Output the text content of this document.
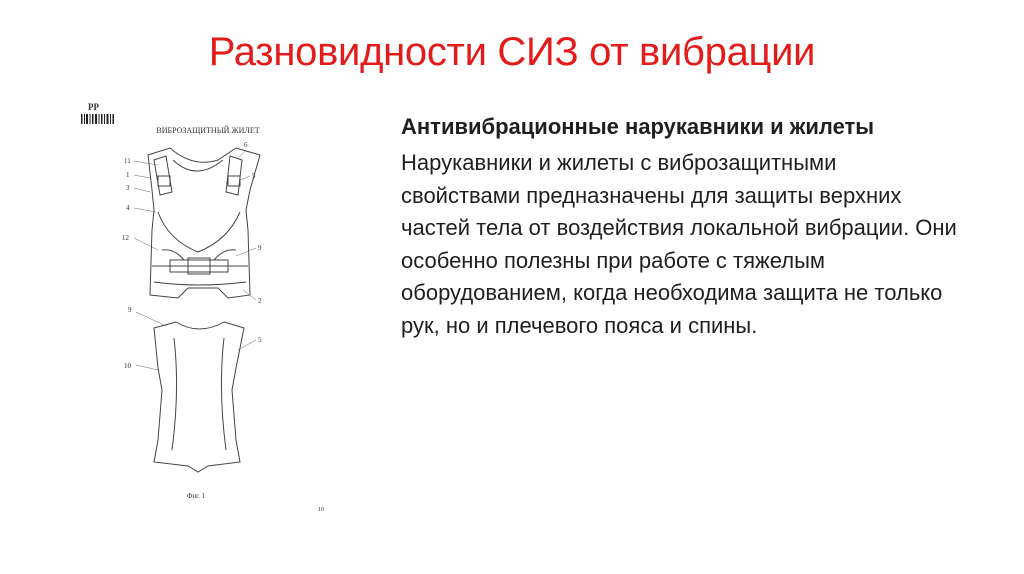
Разновидности СИЗ от вибрации
PP
ВИБРОЗАЩИТНЫЙ ЖИЛЕТ
11
1
3
4
12
6
5
9
2
9
10
5
Фиг. 1
10

Антивибрационные нарукавники и жилеты

Нарукавники и жилеты с виброзащитными свойствами предназначены для защиты верхних частей тела от воздействия локальной вибрации. Они особенно полезны при работе с тяжелым оборудованием, когда необходима защита не только рук, но и плечевого пояса и спины.
